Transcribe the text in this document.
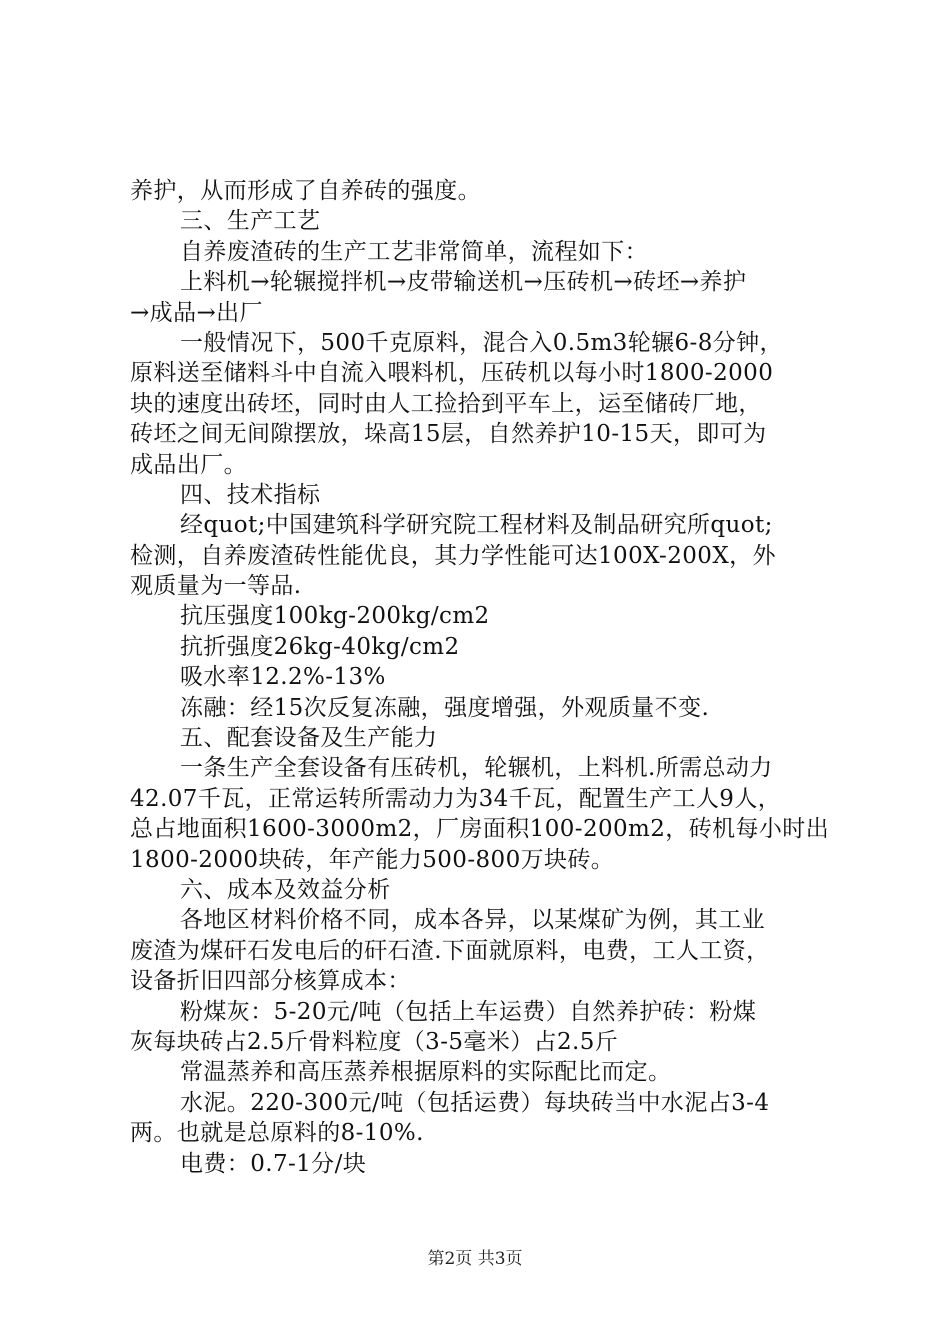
养护，从而形成了自养砖的强度。
三、生产工艺
自养废渣砖的生产工艺非常简单，流程如下：
上料机→轮辗搅拌机→皮带输送机→压砖机→砖坯→养护
→成品→出厂
一般情况下，500千克原料，混合入0.5m3轮辗6-8分钟，
原料送至储料斗中自流入喂料机，压砖机以每小时1800-2000
块的速度出砖坯，同时由人工捡拾到平车上，运至储砖厂地，
砖坯之间无间隙摆放，垛高15层，自然养护10-15天，即可为
成品出厂。
四、技术指标
经quot;中国建筑科学研究院工程材料及制品研究所quot;
检测，自养废渣砖性能优良，其力学性能可达100X-200X，外
观质量为一等品.
抗压强度100kg-200kg/cm2
抗折强度26kg-40kg/cm2
吸水率12.2%-13%
冻融：经15次反复冻融，强度增强，外观质量不变.
五、配套设备及生产能力
一条生产全套设备有压砖机，轮辗机，上料机.所需总动力
42.07千瓦，正常运转所需动力为34千瓦，配置生产工人9人，
总占地面积1600-3000m2，厂房面积100-200m2，砖机每小时出
1800-2000块砖，年产能力500-800万块砖。
六、成本及效益分析
各地区材料价格不同，成本各异，以某煤矿为例，其工业
废渣为煤矸石发电后的矸石渣.下面就原料，电费，工人工资，
设备折旧四部分核算成本：
粉煤灰：5-20元/吨（包括上车运费）自然养护砖：粉煤
灰每块砖占2.5斤骨料粒度（3-5毫米）占2.5斤
常温蒸养和高压蒸养根据原料的实际配比而定。
水泥。220-300元/吨（包括运费）每块砖当中水泥占3-4
两。也就是总原料的8-10%.
电费：0.7-1分/块
第2页 共3页
